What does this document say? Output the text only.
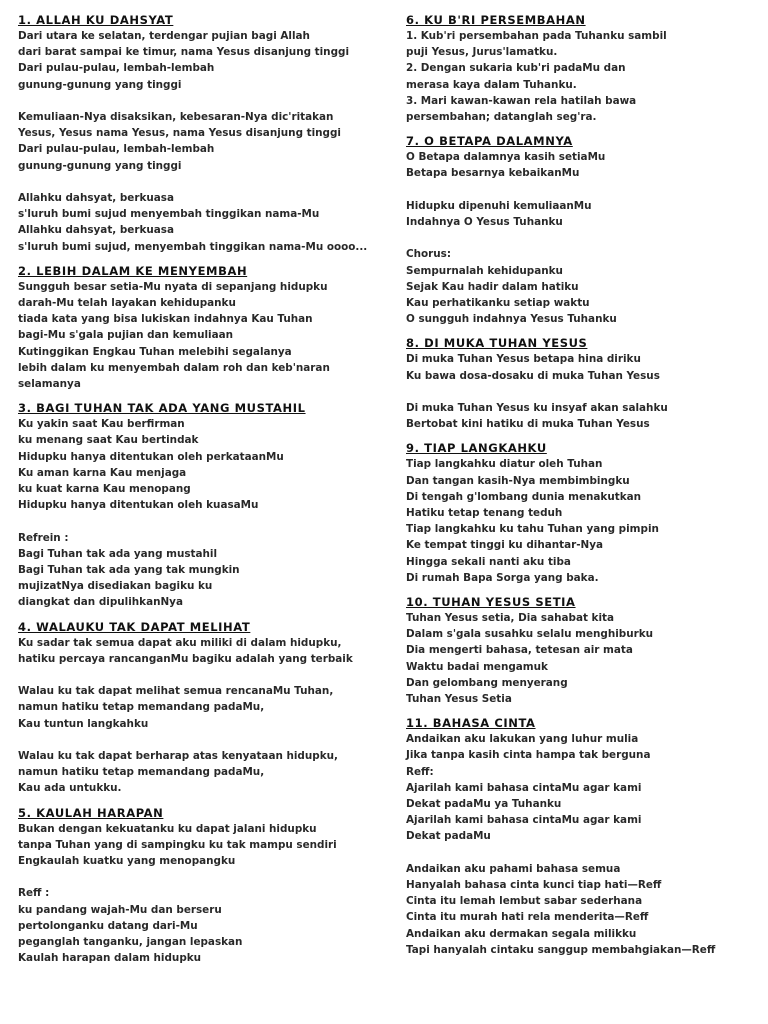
1. ALLAH KU DAHSYAT
Dari utara ke selatan, terdengar pujian bagi Allah
dari barat sampai ke timur, nama Yesus disanjung tinggi
Dari pulau-pulau, lembah-lembah
gunung-gunung yang tinggi
Kemuliaan-Nya disaksikan, kebesaran-Nya dic'ritakan
Yesus, Yesus nama Yesus, nama Yesus disanjung tinggi
Dari pulau-pulau, lembah-lembah
gunung-gunung yang tinggi
Allahku dahsyat, berkuasa
s'luruh bumi sujud menyembah tinggikan nama-Mu
Allahku dahsyat, berkuasa
s'luruh bumi sujud, menyembah tinggikan nama-Mu oooo...
2. LEBIH DALAM KE MENYEMBAH
Sungguh besar setia-Mu nyata di sepanjang hidupku
darah-Mu telah layakan kehidupanku
tiada kata yang bisa lukiskan indahnya Kau Tuhan
bagi-Mu s'gala pujian dan kemuliaan
Kutinggikan Engkau Tuhan melebihi segalanya
lebih dalam ku menyembah dalam roh dan keb'naran
selamanya
3. BAGI TUHAN TAK ADA YANG MUSTAHIL
Ku yakin saat Kau berfirman
ku menang saat Kau bertindak
Hidupku hanya ditentukan oleh perkataanMu
Ku aman karna Kau menjaga
ku kuat karna Kau menopang
Hidupku hanya ditentukan oleh kuasaMu
Refrein :
Bagi Tuhan tak ada yang mustahil
Bagi Tuhan tak ada yang tak mungkin
mujizatNya disediakan bagiku ku
diangkat dan dipulihkanNya
4. WALAUKU TAK DAPAT MELIHAT
Ku sadar tak semua dapat aku miliki di dalam hidupku,
hatiku percaya rancanganMu bagiku adalah yang terbaik
Walau ku tak dapat melihat semua rencanaMu Tuhan,
namun hatiku tetap memandang padaMu,
Kau tuntun langkahku
Walau ku tak dapat berharap atas kenyataan hidupku,
namun hatiku tetap memandang padaMu,
Kau ada untukku.
5. KAULAH HARAPAN
Bukan dengan kekuatanku ku dapat jalani hidupku
tanpa Tuhan yang di sampingku ku tak mampu sendiri
Engkaulah kuatku yang menopangku
Reff :
ku pandang wajah-Mu dan berseru
pertolonganku datang dari-Mu
peganglah tanganku, jangan lepaskan
Kaulah harapan dalam hidupku
6. KU B'RI PERSEMBAHAN
1. Kub'ri persembahan pada Tuhanku sambil
puji Yesus, Jurus'lamatku.
2. Dengan sukaria kub'ri padaMu dan
merasa kaya dalam Tuhanku.
3. Mari kawan-kawan rela hatilah bawa
persembahan; datanglah seg'ra.
7. O BETAPA DALAMNYA
O Betapa dalamnya kasih setiaMu
Betapa besarnya kebaikanMu
Hidupku dipenuhi kemuliaanMu
Indahnya O Yesus Tuhanku
Chorus:
Sempurnalah kehidupanku
Sejak Kau hadir dalam hatiku
Kau perhatikanku setiap waktu
O sungguh indahnya Yesus Tuhanku
8. DI MUKA TUHAN YESUS
Di muka Tuhan Yesus betapa hina diriku
Ku bawa dosa-dosaku di muka Tuhan Yesus
Di muka Tuhan Yesus ku insyaf akan salahku
Bertobat kini hatiku di muka Tuhan Yesus
9. TIAP LANGKAHKU
Tiap langkahku diatur oleh Tuhan
Dan tangan kasih-Nya membimbingku
Di tengah g'lombang dunia menakutkan
Hatiku tetap tenang teduh
Tiap langkahku ku tahu Tuhan yang pimpin
Ke tempat tinggi ku dihantar-Nya
Hingga sekali nanti aku tiba
Di rumah Bapa Sorga yang baka.
10. TUHAN YESUS SETIA
Tuhan Yesus setia, Dia sahabat kita
Dalam s'gala susahku selalu menghiburku
Dia mengerti bahasa, tetesan air mata
Waktu badai mengamuk
Dan gelombang menyerang
Tuhan Yesus Setia
11. BAHASA CINTA
Andaikan aku lakukan yang luhur mulia
Jika tanpa kasih cinta hampa tak berguna
Reff:
Ajarilah kami bahasa cintaMu agar kami
Dekat padaMu ya Tuhanku
Ajarilah kami bahasa cintaMu agar kami
Dekat padaMu
Andaikan aku pahami bahasa semua
Hanyalah bahasa cinta kunci tiap hati—Reff
Cinta itu lemah lembut sabar sederhana
Cinta itu murah hati rela menderita—Reff
Andaikan aku dermakan segala milikku
Tapi hanyalah cintaku sanggup membahgiakan—Reff
